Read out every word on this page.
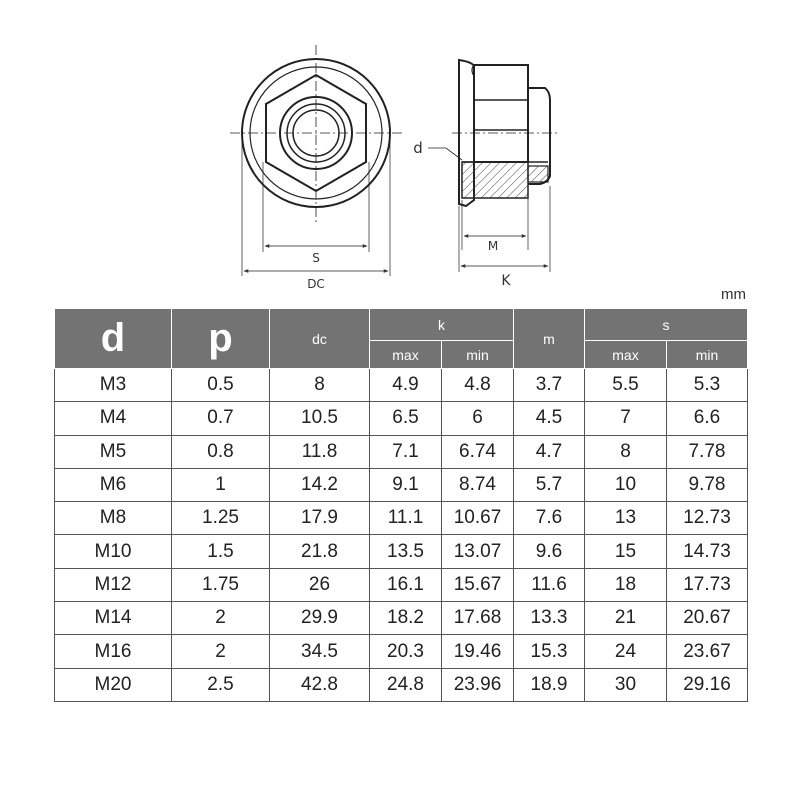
S
DC
d
M
K
mm
d	p	dc	k		m	s	
			max	min		max	min
M3	0.5	8	4.9	4.8	3.7	5.5	5.3
M4	0.7	10.5	6.5	6	4.5	7	6.6
M5	0.8	11.8	7.1	6.74	4.7	8	7.78
M6	1	14.2	9.1	8.74	5.7	10	9.78
M8	1.25	17.9	11.1	10.67	7.6	13	12.73
M10	1.5	21.8	13.5	13.07	9.6	15	14.73
M12	1.75	26	16.1	15.67	11.6	18	17.73
M14	2	29.9	18.2	17.68	13.3	21	20.67
M16	2	34.5	20.3	19.46	15.3	24	23.67
M20	2.5	42.8	24.8	23.96	18.9	30	29.16
